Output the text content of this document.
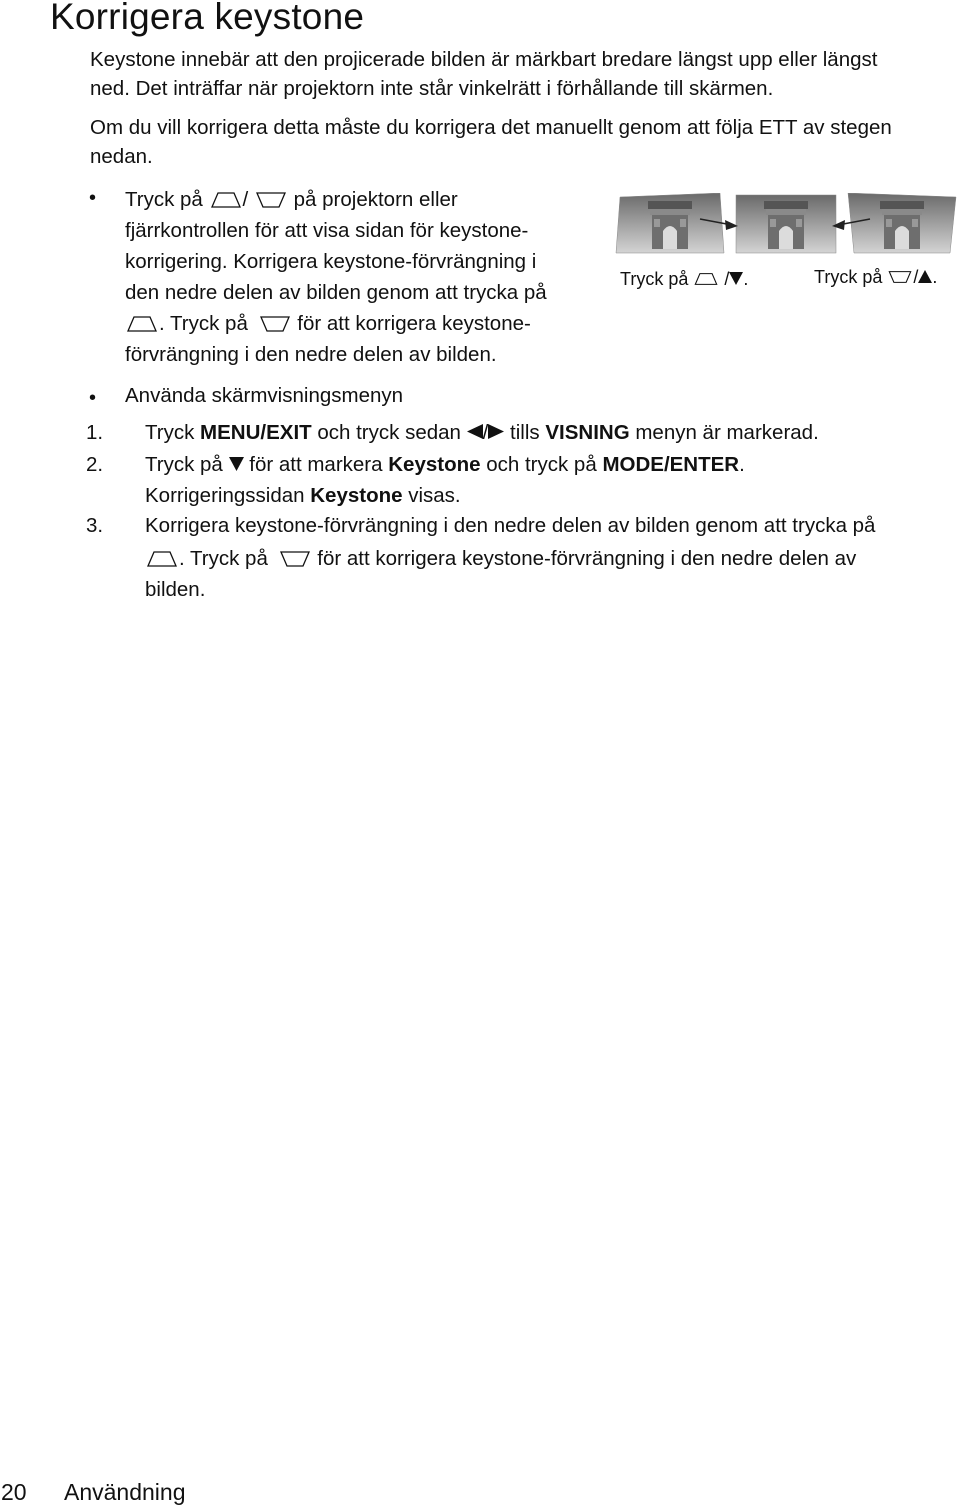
Korrigera keystone

Keystone innebär att den projicerade bilden är märkbart bredare längst upp eller längst
ned. Det inträffar när projektorn inte står vinkelrätt i förhållande till skärmen.

Om du vill korrigera detta måste du korrigera det manuellt genom att följa ETT av stegen
nedan.

• Tryck på / på projektorn eller
fjärrkontrollen för att visa sidan för keystone-
korrigering. Korrigera keystone-förvrängning i
den nedre delen av bilden genom att trycka på
. Tryck på för att korrigera keystone-
förvrängning i den nedre delen av bilden.
Tryck på / .	Tryck på / .
• Använda skärmvisningsmenyn
1. Tryck MENU/EXIT och tryck sedan / tills VISNING menyn är markerad.
2. Tryck på  för att markera Keystone och tryck på MODE/ENTER.
Korrigeringssidan Keystone visas.
3. Korrigera keystone-förvrängning i den nedre delen av bilden genom att trycka på
. Tryck på för att korrigera keystone-förvrängning i den nedre delen av
bilden.
20 Användning
